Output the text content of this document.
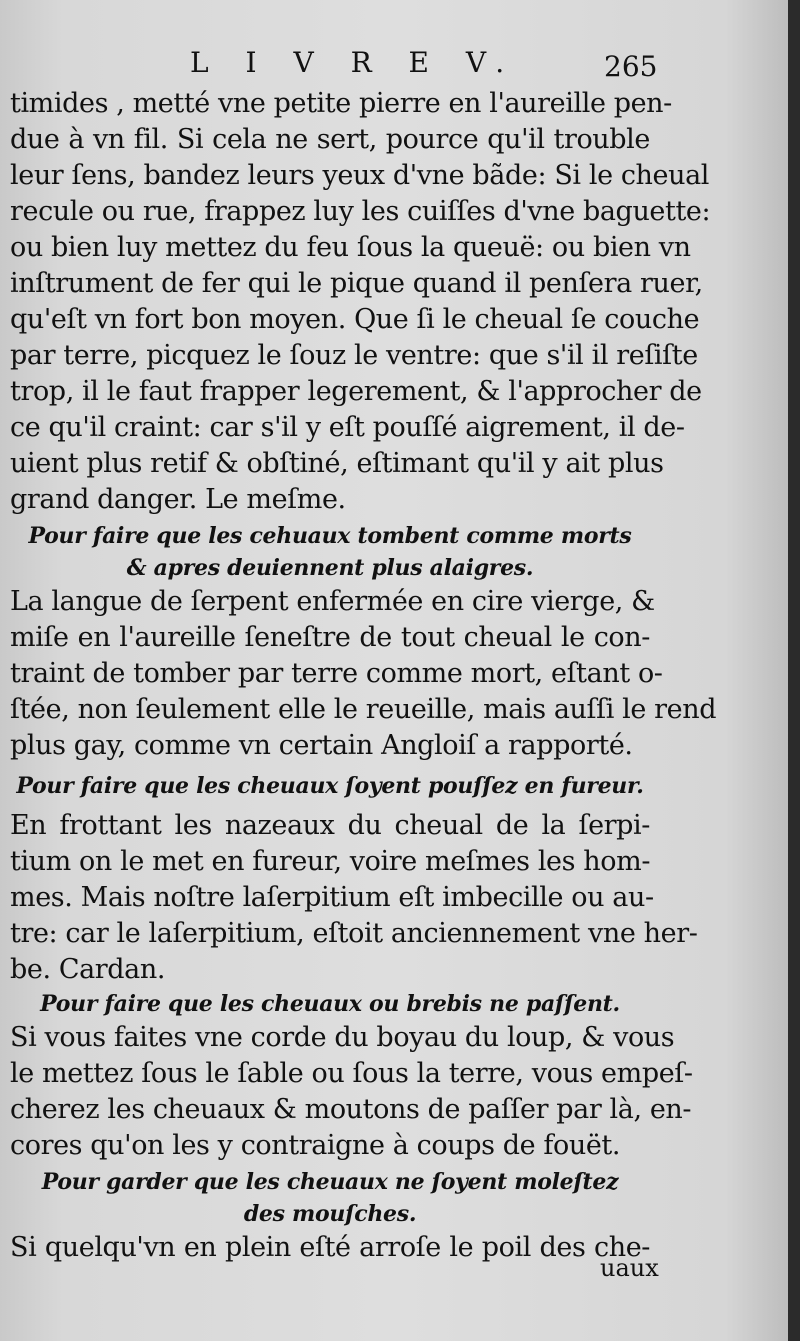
L I V R E V.	265
timides , metté vne petite pierre en l'aureille pen-
due à vn fil. Si cela ne sert, pource qu'il trouble
leur ſens, bandez leurs yeux d'vne bãde: Si le cheual
recule ou rue, frappez luy les cuiſſes d'vne baguette:
ou bien luy mettez du feu ſous la queuë: ou bien vn
inſtrument de fer qui le pique quand il penſera ruer,
qu'eſt vn fort bon moyen. Que ſi le cheual ſe couche
par terre, picquez le ſouz le ventre: que s'il il reſiſte
trop, il le faut frapper legerement, & l'approcher de
ce qu'il craint: car s'il y eſt pouſſé aigrement, il de-
uient plus retif & obſtiné, eſtimant qu'il y ait plus
grand danger. Le meſme.
Pour faire que les cehuaux tombent comme morts
& apres deuiennent plus alaigres.
La langue de ſerpent enfermée en cire vierge, &
miſe en l'aureille ſeneſtre de tout cheual le con-
traint de tomber par terre comme mort, eſtant o-
ſtée, non ſeulement elle le reueille, mais auſſi le rend
plus gay, comme vn certain Angloiſ a rapporté.
Pour faire que les cheuaux ſoyent pouſſez en fureur.
En frottant les nazeaux du cheual de la ſerpi-
tium on le met en fureur, voire meſmes les hom-
mes. Mais noſtre laſerpitium eſt imbecille ou au-
tre: car le laſerpitium, eſtoit anciennement vne her-
be. Cardan.
Pour faire que les cheuaux ou brebis ne paſſent.
Si vous faites vne corde du boyau du loup, & vous
le mettez ſous le ſable ou ſous la terre, vous empeſ-
cherez les cheuaux & moutons de paſſer par là, en-
cores qu'on les y contraigne à coups de fouët.
Pour garder que les cheuaux ne ſoyent moleſtez
des mouſches.
Si quelqu'vn en plein eſté arroſe le poil des che-
uaux
